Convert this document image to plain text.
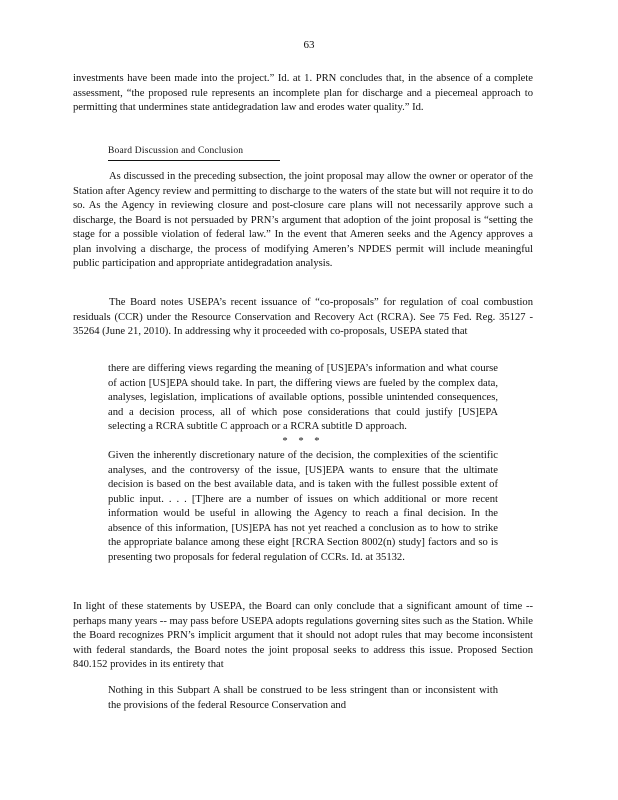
63

investments have been made into the project.” Id. at 1. PRN concludes that, in the absence of a complete assessment, “the proposed rule represents an incomplete plan for discharge and a piecemeal approach to permitting that undermines state antidegradation law and erodes water quality.” Id.

Board Discussion and Conclusion

As discussed in the preceding subsection, the joint proposal may allow the owner or operator of the Station after Agency review and permitting to discharge to the waters of the state but will not require it to do so. As the Agency in reviewing closure and post-closure care plans will not necessarily approve such a discharge, the Board is not persuaded by PRN’s argument that adoption of the joint proposal is “setting the stage for a possible violation of federal law.” In the event that Ameren seeks and the Agency approves a plan involving a discharge, the process of modifying Ameren’s NPDES permit will include meaningful public participation and appropriate antidegradation analysis.

The Board notes USEPA’s recent issuance of “co-proposals” for regulation of coal combustion residuals (CCR) under the Resource Conservation and Recovery Act (RCRA). See 75 Fed. Reg. 35127 - 35264 (June 21, 2010). In addressing why it proceeded with co-proposals, USEPA stated that

there are differing views regarding the meaning of [US]EPA’s information and what course of action [US]EPA should take. In part, the differing views are fueled by the complex data, analyses, legislation, implications of available options, possible unintended consequences, and a decision process, all of which pose considerations that could justify [US]EPA selecting a RCRA subtitle C approach or a RCRA subtitle D approach.

* * *

Given the inherently discretionary nature of the decision, the complexities of the scientific analyses, and the controversy of the issue, [US]EPA wants to ensure that the ultimate decision is based on the best available data, and is taken with the fullest possible extent of public input. . . . [T]here are a number of issues on which additional or more recent information would be useful in allowing the Agency to reach a final decision. In the absence of this information, [US]EPA has not yet reached a conclusion as to how to strike the appropriate balance among these eight [RCRA Section 8002(n) study] factors and so is presenting two proposals for federal regulation of CCRs. Id. at 35132.

In light of these statements by USEPA, the Board can only conclude that a significant amount of time -- perhaps many years -- may pass before USEPA adopts regulations governing sites such as the Station. While the Board recognizes PRN’s implicit argument that it should not adopt rules that may become inconsistent with federal standards, the Board notes the joint proposal seeks to address this issue. Proposed Section 840.152 provides in its entirety that

Nothing in this Subpart A shall be construed to be less stringent than or inconsistent with the provisions of the federal Resource Conservation and
